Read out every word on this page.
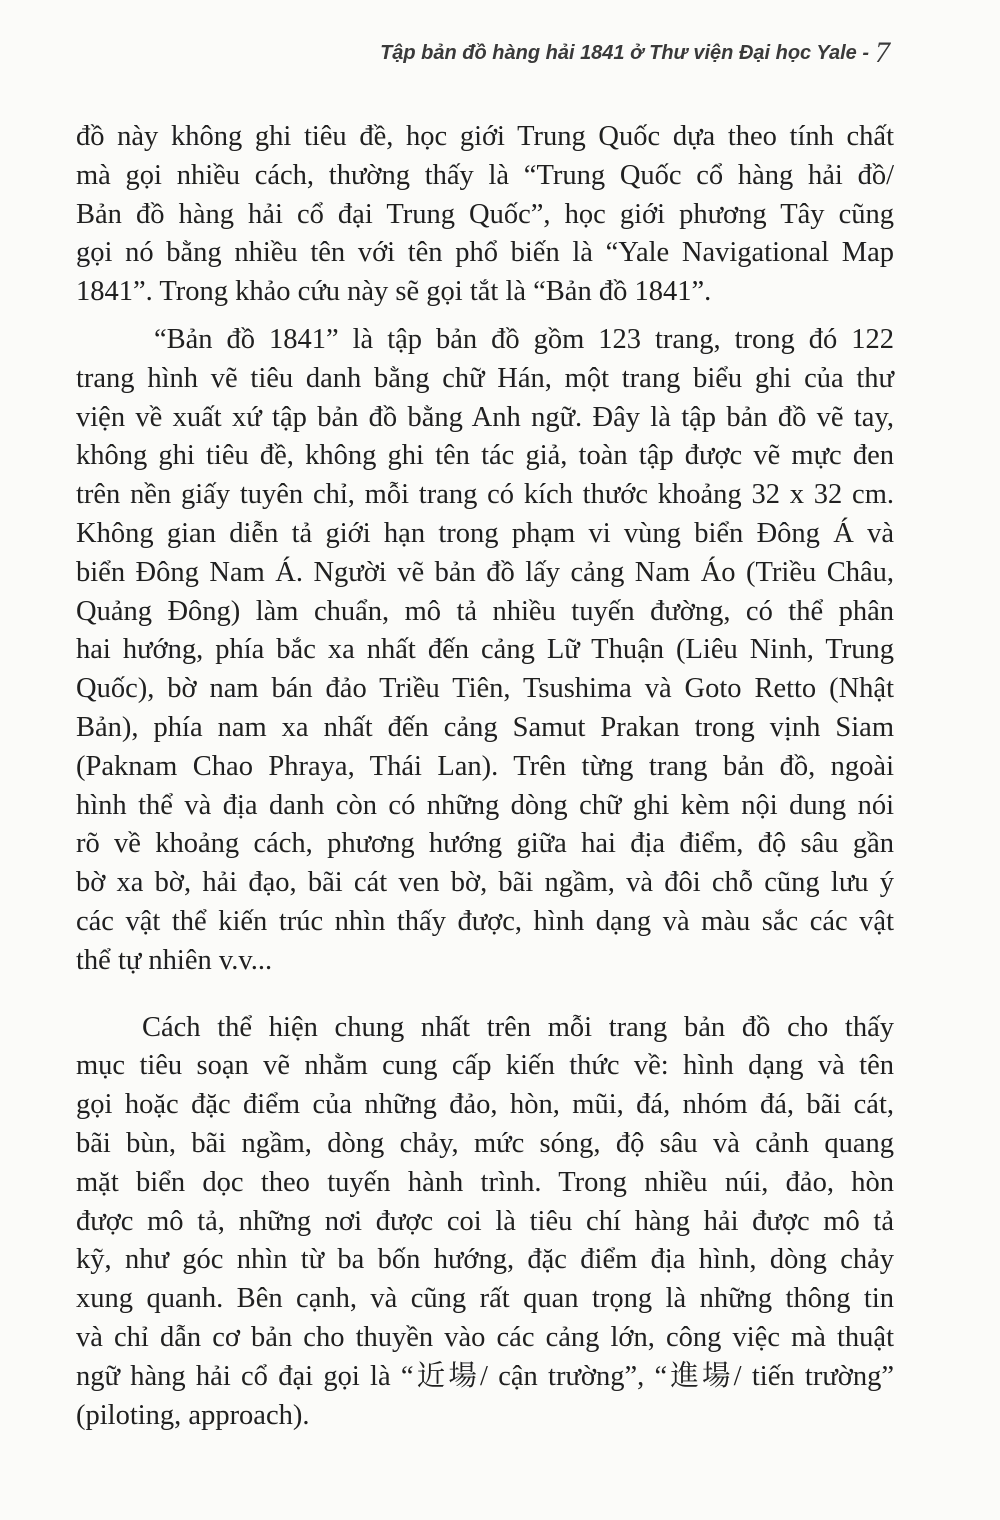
Tập bản đồ hàng hải 1841 ở Thư viện Đại học Yale - 7

đồ này không ghi tiêu đề, học giới Trung Quốc dựa theo tính chất
mà gọi nhiều cách, thường thấy là “Trung Quốc cổ hàng hải đồ/
Bản đồ hàng hải cổ đại Trung Quốc”, học giới phương Tây cũng
gọi nó bằng nhiều tên với tên phổ biến là “Yale Navigational Map
1841”. Trong khảo cứu này sẽ gọi tắt là “Bản đồ 1841”.

“Bản đồ 1841” là tập bản đồ gồm 123 trang, trong đó 122
trang hình vẽ tiêu danh bằng chữ Hán, một trang biểu ghi của thư
viện về xuất xứ tập bản đồ bằng Anh ngữ. Đây là tập bản đồ vẽ tay,
không ghi tiêu đề, không ghi tên tác giả, toàn tập được vẽ mực đen
trên nền giấy tuyên chỉ, mỗi trang có kích thước khoảng 32 x 32 cm.
Không gian diễn tả giới hạn trong phạm vi vùng biển Đông Á và
biển Đông Nam Á. Người vẽ bản đồ lấy cảng Nam Áo (Triều Châu,
Quảng Đông) làm chuẩn, mô tả nhiều tuyến đường, có thể phân
hai hướng, phía bắc xa nhất đến cảng Lữ Thuận (Liêu Ninh, Trung
Quốc), bờ nam bán đảo Triều Tiên, Tsushima và Goto Retto (Nhật
Bản), phía nam xa nhất đến cảng Samut Prakan trong vịnh Siam
(Paknam Chao Phraya, Thái Lan). Trên từng trang bản đồ, ngoài
hình thể và địa danh còn có những dòng chữ ghi kèm nội dung nói
rõ về khoảng cách, phương hướng giữa hai địa điểm, độ sâu gần
bờ xa bờ, hải đạo, bãi cát ven bờ, bãi ngầm, và đôi chỗ cũng lưu ý
các vật thể kiến trúc nhìn thấy được, hình dạng và màu sắc các vật
thể tự nhiên v.v...

Cách thể hiện chung nhất trên mỗi trang bản đồ cho thấy
mục tiêu soạn vẽ nhằm cung cấp kiến thức về: hình dạng và tên
gọi hoặc đặc điểm của những đảo, hòn, mũi, đá, nhóm đá, bãi cát,
bãi bùn, bãi ngầm, dòng chảy, mức sóng, độ sâu và cảnh quang
mặt biển dọc theo tuyến hành trình. Trong nhiều núi, đảo, hòn
được mô tả, những nơi được coi là tiêu chí hàng hải được mô tả
kỹ, như góc nhìn từ ba bốn hướng, đặc điểm địa hình, dòng chảy
xung quanh. Bên cạnh, và cũng rất quan trọng là những thông tin
và chỉ dẫn cơ bản cho thuyền vào các cảng lớn, công việc mà thuật
ngữ hàng hải cổ đại gọi là “近場/ cận trường”, “進場/ tiến trường”
(piloting, approach).
